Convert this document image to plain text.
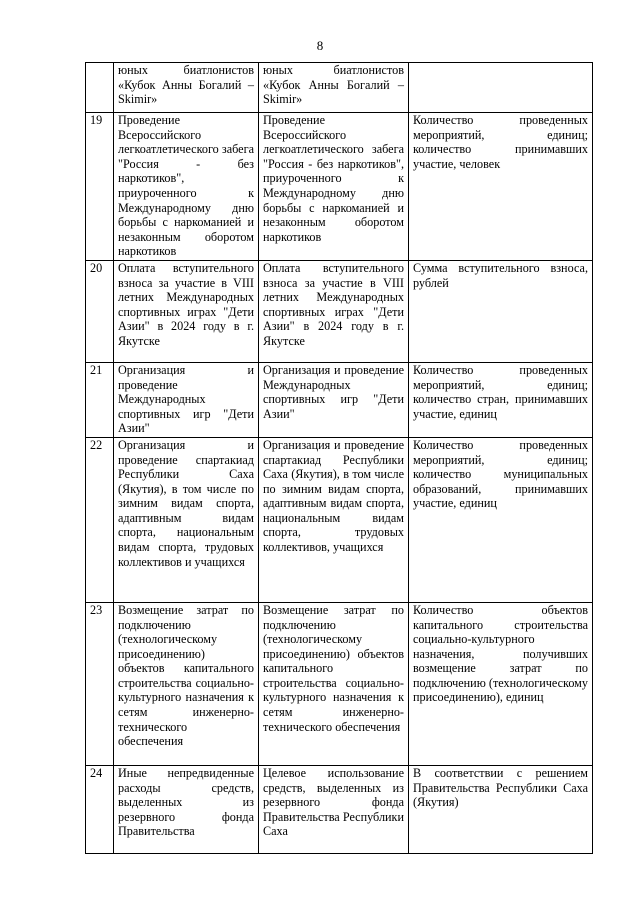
8
	юных биатлонистов «Кубок Анны Богалий – Skimir»	юных биатлонистов «Кубок Анны Богалий – Skimir»	
19	Проведение Всероссийского легкоатлетического забега "Россия - без наркотиков", приуроченного к Международному дню борьбы с наркоманией и незаконным оборотом наркотиков	Проведение Всероссийского легкоатлетического забега "Россия - без наркотиков", приуроченного к Международному дню борьбы с наркоманией и незаконным оборотом наркотиков	Количество проведенных мероприятий, единиц; количество принимавших участие, человек
20	Оплата вступительного взноса за участие в VIII летних Международных спортивных играх "Дети Азии" в 2024 году в г. Якутске	Оплата вступительного взноса за участие в VIII летних Международных спортивных игрaх "Дети Азии" в 2024 году в г. Якутске	Сумма вступительного взноса, рублей
21	Организация и проведение Международных спортивных игр "Дети Азии"	Организация и проведение Международных спортивных игр "Дети Азии"	Количество проведенных мероприятий, единиц; количество стран, принимавших участие, единиц
22	Организация и проведение спартакиад Республики Саха (Якутия), в том числе по зимним видам спорта, адаптивным видам спорта, национальным видам спорта, трудовых коллективов и учащихся	Организация и проведение спартакиад Республики Саха (Якутия), в том числе по зимним видам спорта, адаптивным видам спорта, национальным видам спорта, трудовых коллективов, учащихся	Количество проведенных мероприятий, единиц; количество муниципальных образований, принимавших участие, единиц
23	Возмещение затрат по подключению (технологическому присоединению) объектов капитального строительства социально-культурного назначения к сетям инженерно-технического обеспечения	Возмещение затрат по подключению (технологическому присоединению) объектов капитального строительства социально-культурного назначения к сетям инженерно-технического обеспечения	Количество объектов капитального строительства социально-культурного назначения, получивших возмещение затрат по подключению (технологическому присоединению), единиц
24	Иные непредвиденные расходы средств, выделенных из резервного фонда Правительства	Целевое использование средств, выделенных из резервного фонда Правительства Республики Саха	В соответствии с решением Правительства Республики Саха (Якутия)
